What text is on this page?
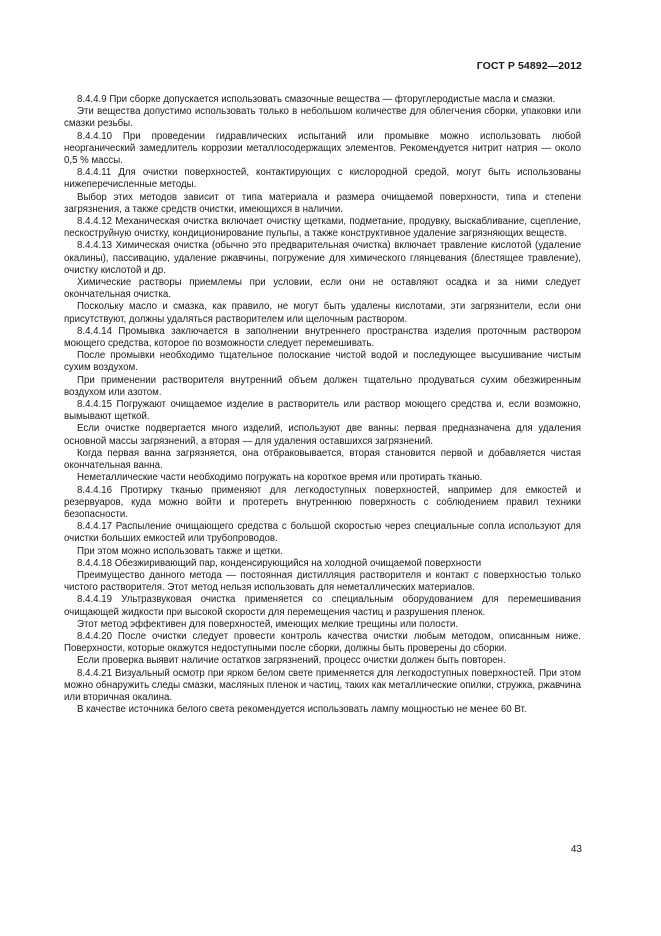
ГОСТ Р 54892—2012

8.4.4.9 При сборке допускается использовать смазочные вещества — фторуглеродистые масла и смазки.

Эти вещества допустимо использовать только в небольшом количестве для облегчения сборки, упаковки или смазки резьбы.

8.4.4.10 При проведении гидравлических испытаний или промывке можно использовать любой неорганический замедлитель коррозии металлосодержащих элементов. Рекомендуется нитрит натрия — около 0,5 % массы.

8.4.4.11 Для очистки поверхностей, контактирующих с кислородной средой, могут быть использованы нижеперечисленные методы.

Выбор этих методов зависит от типа материала и размера очищаемой поверхности, типа и степени загрязнения, а также средств очистки, имеющихся в наличии.

8.4.4.12 Механическая очистка включает очистку щетками, подметание, продувку, выскабливание, сцепление, пескоструйную очистку, кондиционирование пульпы, а также конструктивное удаление загрязняющих веществ.

8.4.4.13 Химическая очистка (обычно это предварительная очистка) включает травление кислотой (удаление окалины), пассивацию, удаление ржавчины, погружение для химического глянцевания (блестящее травление), очистку кислотой и др.

Химические растворы приемлемы при условии, если они не оставляют осадка и за ними следует окончательная очистка.

Поскольку масло и смазка, как правило, не могут быть удалены кислотами, эти загрязнители, если они присутствуют, должны удаляться растворителем или щелочным раствором.

8.4.4.14 Промывка заключается в заполнении внутреннего пространства изделия проточным раствором моющего средства, которое по возможности следует перемешивать.

После промывки необходимо тщательное полоскание чистой водой и последующее высушивание чистым сухим воздухом.

При применении растворителя внутренний объем должен тщательно продуваться сухим обезжиренным воздухом или азотом.

8.4.4.15 Погружают очищаемое изделие в растворитель или раствор моющего средства и, если возможно, вымывают щеткой.

Если очистке подвергается много изделий, используют две ванны: первая предназначена для удаления основной массы загрязнений, а вторая — для удаления оставшихся загрязнений.

Когда первая ванна загрязняется, она отбраковывается, вторая становится первой и добавляется чистая окончательная ванна.

Неметаллические части необходимо погружать на короткое время или протирать тканью.

8.4.4.16 Протирку тканью применяют для легкодоступных поверхностей, например для емкостей и резервуаров, куда можно войти и протереть внутреннюю поверхность с соблюдением правил техники безопасности.

8.4.4.17 Распыление очищающего средства с большой скоростью через специальные сопла используют для очистки больших емкостей или трубопроводов.

При этом можно использовать также и щетки.

8.4.4.18 Обезжиривающий пар, конденсирующийся на холодной очищаемой поверхности

Преимущество данного метода — постоянная дистилляция растворителя и контакт с поверхностью только чистого растворителя. Этот метод нельзя использовать для неметаллических материалов.

8.4.4.19 Ультразвуковая очистка применяется со специальным оборудованием для перемешивания очищающей жидкости при высокой скорости для перемещения частиц и разрушения пленок.

Этот метод эффективен для поверхностей, имеющих мелкие трещины или полости.

8.4.4.20 После очистки следует провести контроль качества очистки любым методом, описанным ниже. Поверхности, которые окажутся недоступными после сборки, должны быть проверены до сборки.

Если проверка выявит наличие остатков загрязнений, процесс очистки должен быть повторен.

8.4.4.21 Визуальный осмотр при ярком белом свете применяется для легкодоступных поверхностей. При этом можно обнаружить следы смазки, масляных пленок и частиц, таких как металлические опилки, стружка, ржавчина или вторичная окалина.

В качестве источника белого света рекомендуется использовать лампу мощностью не менее 60 Вт.

43
